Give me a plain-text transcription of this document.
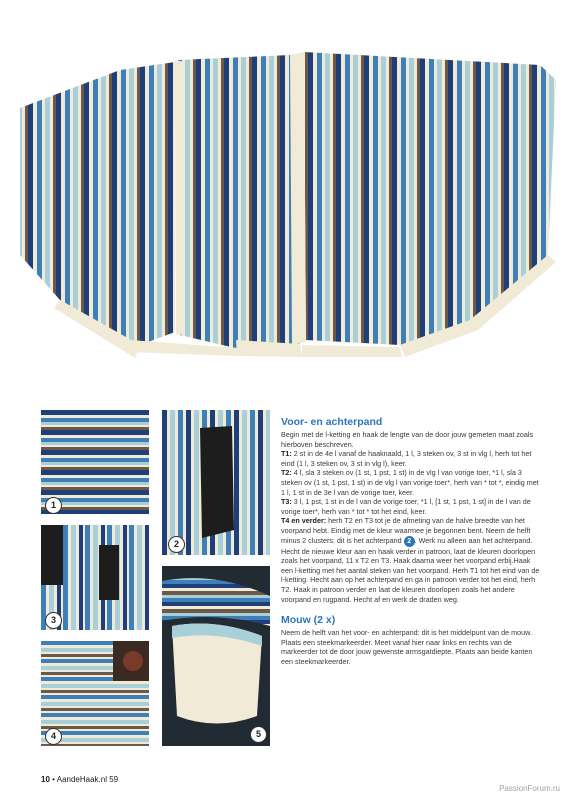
1
2
3
4	5
Voor- en achterpand

Begin met de l-ketting en haak de lengte van de door jouw gemeten maat zoals hierboven beschreven.

T1: 2 st in de 4e l vanaf de haaknaald, 1 l, 3 steken ov, 3 st in vlg l, herh tot het eind (1 l, 3 steken ov, 3 st in vlg l), keer.

T2: 4 l, sla 3 steken ov (1 st, 1 pst, 1 st) in de vlg l van vorige toer, *1 l, sla 3 steken ov (1 st, 1 pst, 1 st) in de vlg l van vorige toer*, herh van * tot *, eindig met 1 l, 1 st in de 3e l van de vorige toer, keer.

T3: 3 l, 1 pst, 1 st in de l van de vorige toer, *1 l, [1 st, 1 pst, 1 st] in de l van de vorige toer*, herh van * tot * tot het eind, keer.

T4 en verder: herh T2 en T3 tot je de afmeting van de halve breedte van het voorpand hebt. Eindig met de kleur waarmee je begonnen bent. Neem de helft minus 2 clusters: dit is het achterpand 2 . Werk nu alleen aan het achterpand. Hecht de nieuwe kleur aan en haak verder in patroon, laat de kleuren doorlopen zoals het voorpand, 11 x T2 en T3. Haak daarna weer het voorpand erbij.Haak een l-ketting met het aantal steken van het voorpand. Herh T1 tot het eind van de l-ketting. Hecht aan op het achterpand en ga in patroon verder tot het eind, herh T2. Haak in patroon verder en laat de kleuren doorlopen zoals het andere voorpand en rugpand. Hecht af en werk de draden weg.

Mouw (2 x)

Neem de helft van het voor- en achterpand: dit is het middelpunt van de mouw. Plaats een steekmarkeerder. Meet vanaf hier naar links en rechts van de markeerder tot de door jouw gewenste armsgatdiepte. Plaats aan beide kanten een steekmarkeerder.

10 • AandeHaak.nl 59
PassionForum.ru
